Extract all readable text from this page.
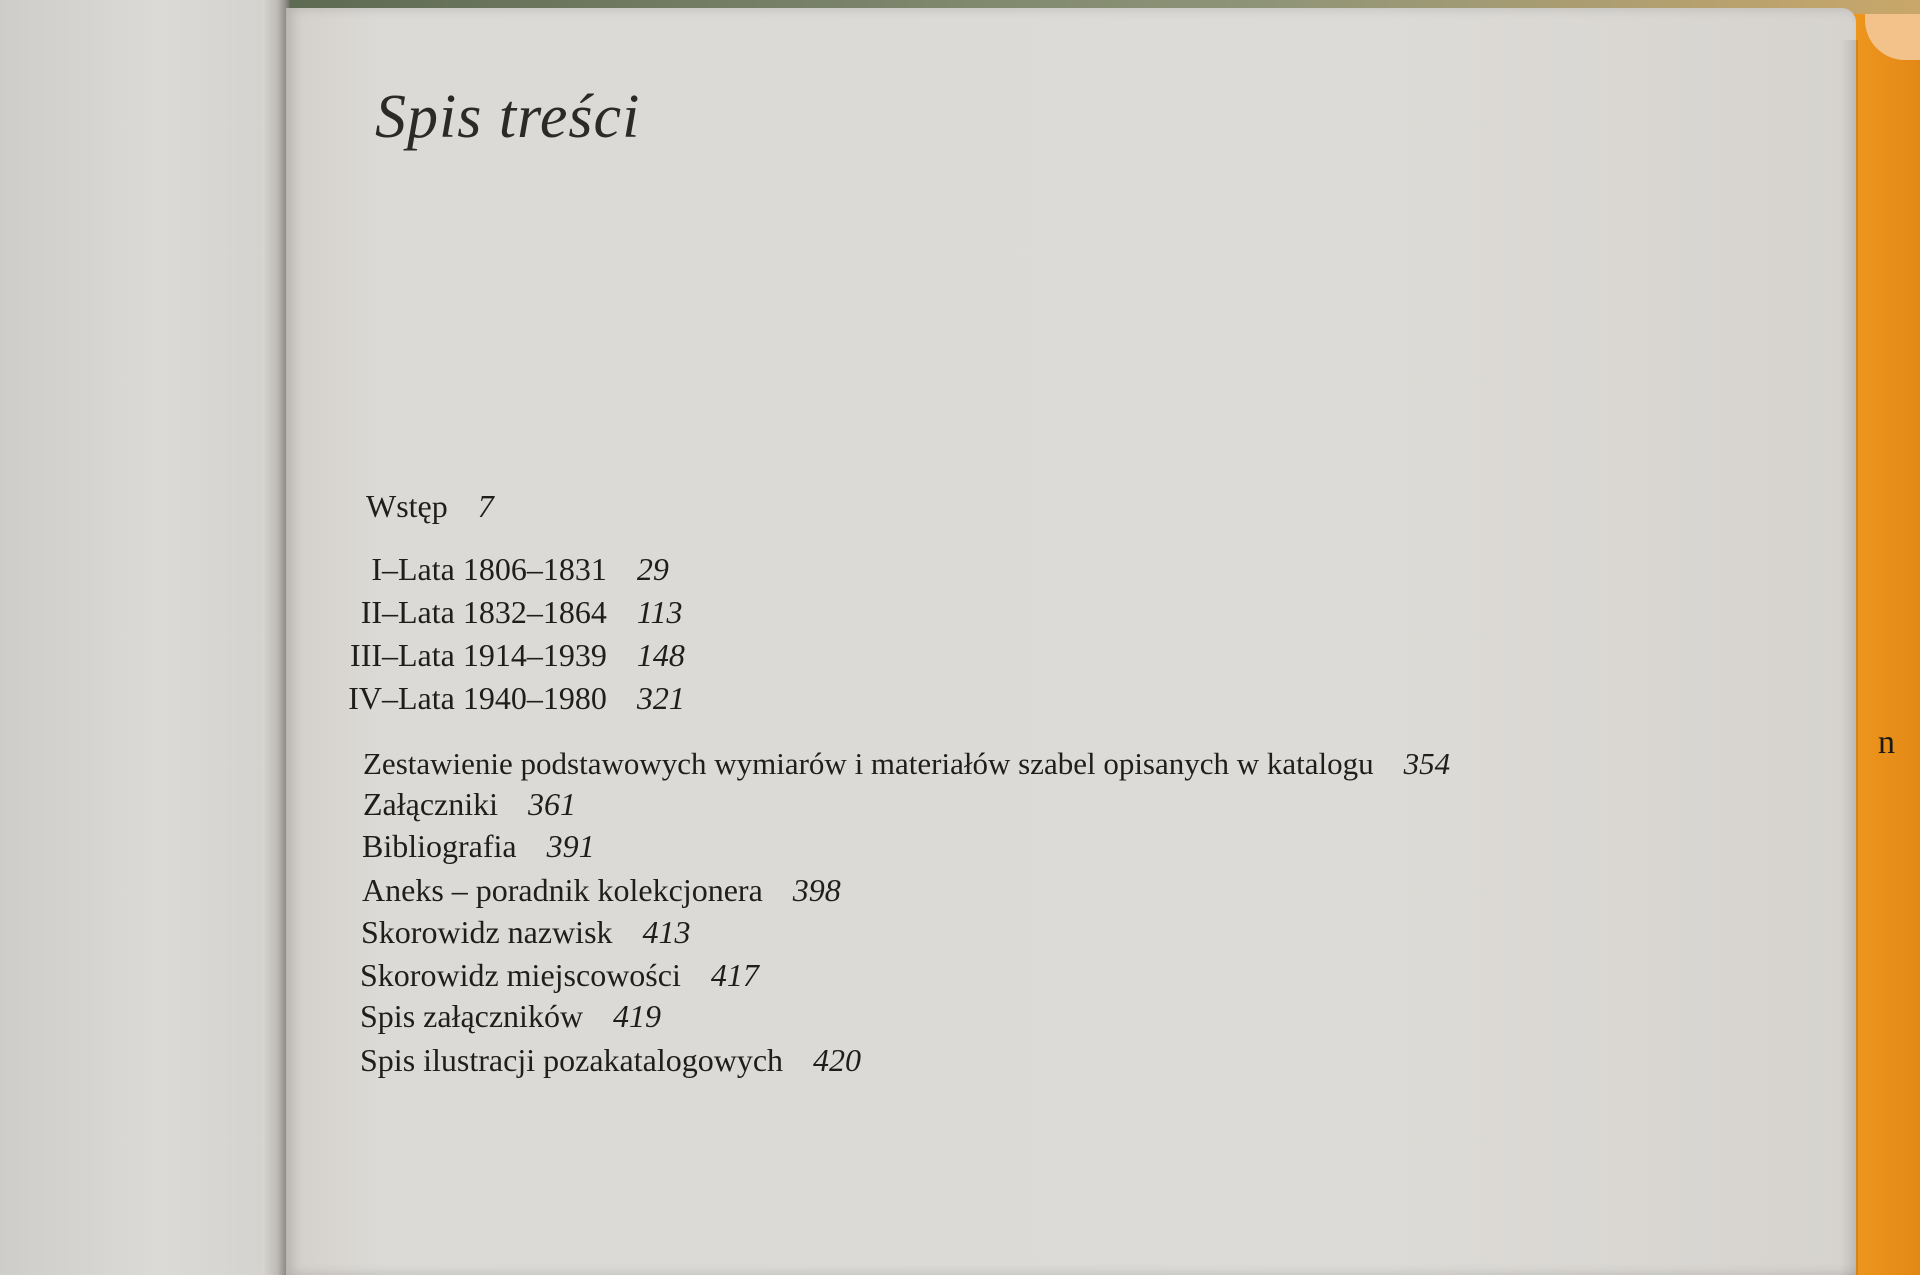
n
Spis treści
Wstęp 7
I–Lata 1806–1831 29
II–Lata 1832–1864 113
III–Lata 1914–1939 148
IV–Lata 1940–1980 321
Zestawienie podstawowych wymiarów i materiałów szabel opisanych w katalogu 354
Załączniki 361
Bibliografia 391
Aneks – poradnik kolekcjonera 398
Skorowidz nazwisk 413
Skorowidz miejscowości 417
Spis załączników 419
Spis ilustracji pozakatalogowych 420
